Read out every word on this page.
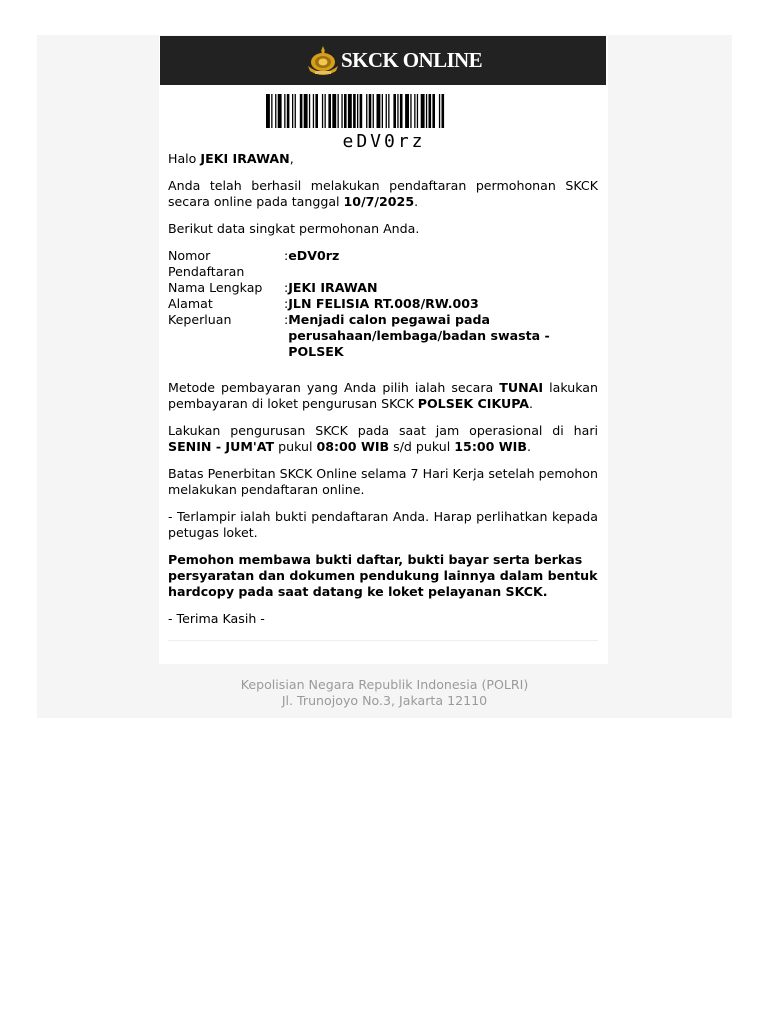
SKCK ONLINE
eDV0rz

Halo JEKI IRAWAN,

Anda telah berhasil melakukan pendaftaran permohonan SKCK secara online pada tanggal 10/7/2025.

Berikut data singkat permohonan Anda.

Nomor Pendaftaran	:	eDV0rz
Nama Lengkap	:	JEKI IRAWAN
Alamat	:	JLN FELISIA RT.008/RW.003
Keperluan	:	Menjadi calon pegawai pada perusahaan/lembaga/badan swasta - POLSEK

Metode pembayaran yang Anda pilih ialah secara TUNAI lakukan pembayaran di loket pengurusan SKCK POLSEK CIKUPA.

Lakukan pengurusan SKCK pada saat jam operasional di hari SENIN - JUM'AT pukul 08:00 WIB s/d pukul 15:00 WIB.

Batas Penerbitan SKCK Online selama 7 Hari Kerja setelah pemohon melakukan pendaftaran online.

- Terlampir ialah bukti pendaftaran Anda. Harap perlihatkan kepada petugas loket.

Pemohon membawa bukti daftar, bukti bayar serta berkas persyaratan dan dokumen pendukung lainnya dalam bentuk hardcopy pada saat datang ke loket pelayanan SKCK.

- Terima Kasih -

Kepolisian Negara Republik Indonesia (POLRI)
Jl. Trunojoyo No.3, Jakarta 12110
